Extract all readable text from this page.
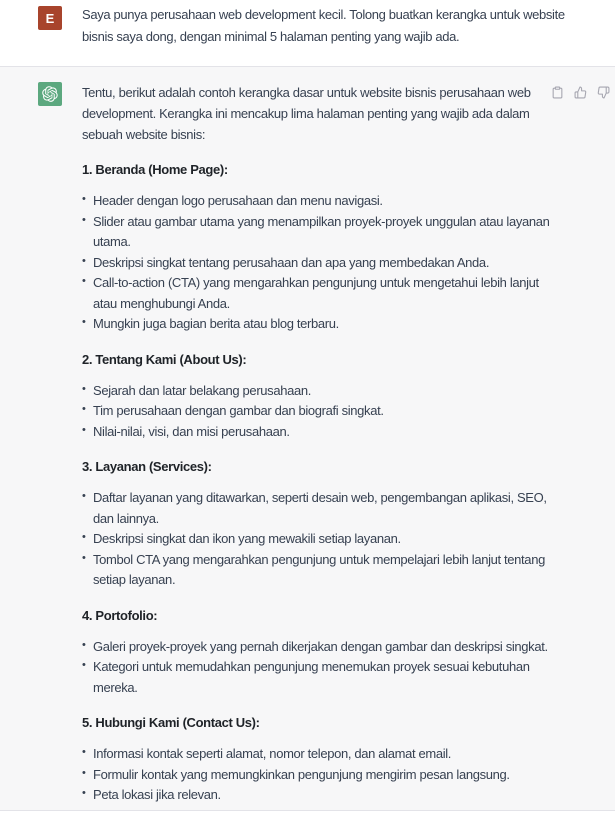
E Saya punya perusahaan web development kecil. Tolong buatkan kerangka untuk website bisnis saya dong, dengan minimal 5 halaman penting yang wajib ada.

Tentu, berikut adalah contoh kerangka dasar untuk website bisnis perusahaan web development. Kerangka ini mencakup lima halaman penting yang wajib ada dalam sebuah website bisnis:

1. Beranda (Home Page):

• Header dengan logo perusahaan dan menu navigasi.
• Slider atau gambar utama yang menampilkan proyek-proyek unggulan atau layanan utama.
• Deskripsi singkat tentang perusahaan dan apa yang membedakan Anda.
• Call-to-action (CTA) yang mengarahkan pengunjung untuk mengetahui lebih lanjut atau menghubungi Anda.
• Mungkin juga bagian berita atau blog terbaru.

2. Tentang Kami (About Us):

• Sejarah dan latar belakang perusahaan.
• Tim perusahaan dengan gambar dan biografi singkat.
• Nilai-nilai, visi, dan misi perusahaan.

3. Layanan (Services):

• Daftar layanan yang ditawarkan, seperti desain web, pengembangan aplikasi, SEO, dan lainnya.
• Deskripsi singkat dan ikon yang mewakili setiap layanan.
• Tombol CTA yang mengarahkan pengunjung untuk mempelajari lebih lanjut tentang setiap layanan.

4. Portofolio:

• Galeri proyek-proyek yang pernah dikerjakan dengan gambar dan deskripsi singkat.
• Kategori untuk memudahkan pengunjung menemukan proyek sesuai kebutuhan mereka.

5. Hubungi Kami (Contact Us):

• Informasi kontak seperti alamat, nomor telepon, dan alamat email.
• Formulir kontak yang memungkinkan pengunjung mengirim pesan langsung.
• Peta lokasi jika relevan.
